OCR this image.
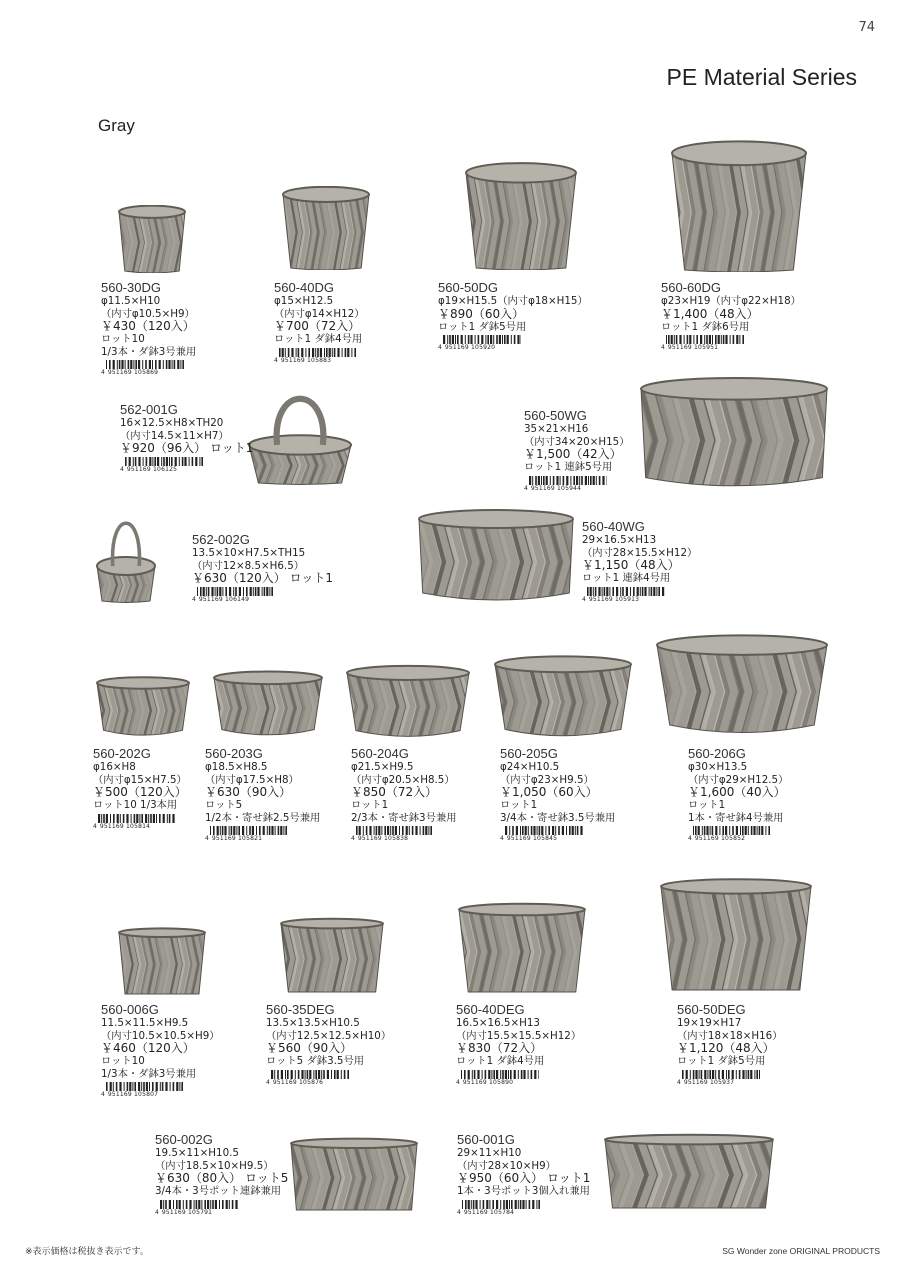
74
PE Material Series
Gray
※表示価格は税抜き表示です。	SG Wonder zone ORIGINAL PRODUCTS
560-30DG
φ11.5×H10
（内寸φ10.5×H9）
￥430（120入）
ロット10
1/3本・ダ鉢3号兼用
4 951169 105869
560-40DG
φ15×H12.5
（内寸φ14×H12）
￥700（72入）
ロット1 ダ鉢4号用
4 951169 105883
560-50DG
φ19×H15.5（内寸φ18×H15）
￥890（60入）
ロット1 ダ鉢5号用
4 951169 105920
560-60DG
φ23×H19（内寸φ22×H18）
￥1,400（48入）
ロット1 ダ鉢6号用
4 951169 105951
562-001G
16×12.5×H8×TH20
（内寸14.5×11×H7）
￥920（96入） ロット1
4 951169 106125
560-50WG
35×21×H16
（内寸34×20×H15）
￥1,500（42入）
ロット1 連鉢5号用
4 951169 105944
562-002G
13.5×10×H7.5×TH15
（内寸12×8.5×H6.5）
￥630（120入） ロット1
4 951169 106149
560-40WG
29×16.5×H13
（内寸28×15.5×H12）
￥1,150（48入）
ロット1 連鉢4号用
4 951169 105913
560-202G
φ16×H8
（内寸φ15×H7.5）
￥500（120入）
ロット10 1/3本用
4 951169 105814
560-203G
φ18.5×H8.5
（内寸φ17.5×H8）
￥630（90入）
ロット5
1/2本・寄せ鉢2.5号兼用
4 951169 105821
560-204G
φ21.5×H9.5
（内寸φ20.5×H8.5）
￥850（72入）
ロット1
2/3本・寄せ鉢3号兼用
4 951169 105838
560-205G
φ24×H10.5
（内寸φ23×H9.5）
￥1,050（60入）
ロット1
3/4本・寄せ鉢3.5号兼用
4 951169 105845
560-206G
φ30×H13.5
（内寸φ29×H12.5）
￥1,600（40入）
ロット1
1本・寄せ鉢4号兼用
4 951169 105852
560-006G
11.5×11.5×H9.5
（内寸10.5×10.5×H9）
￥460（120入）
ロット10
1/3本・ダ鉢3号兼用
4 951169 105807
560-35DEG
13.5×13.5×H10.5
（内寸12.5×12.5×H10）
￥560（90入）
ロット5 ダ鉢3.5号用
4 951169 105876
560-40DEG
16.5×16.5×H13
（内寸15.5×15.5×H12）
￥830（72入）
ロット1 ダ鉢4号用
4 951169 105890
560-50DEG
19×19×H17
（内寸18×18×H16）
￥1,120（48入）
ロット1 ダ鉢5号用
4 951169 105937
560-002G
19.5×11×H10.5
（内寸18.5×10×H9.5）
￥630（80入） ロット5
3/4本・3号ポット連鉢兼用
4 951169 105791
560-001G
29×11×H10
（内寸28×10×H9）
￥950（60入） ロット1
1本・3号ポット3個入れ兼用
4 951169 105784
